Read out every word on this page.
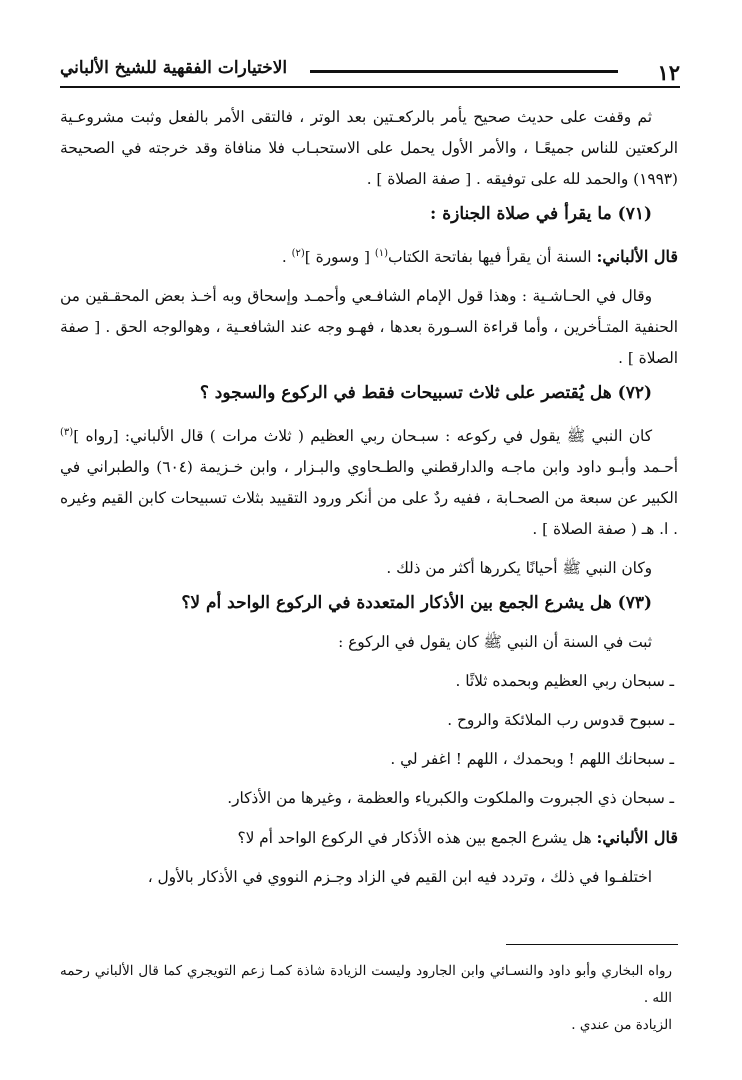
١٢
الاختيارات الفقهية للشيخ الألباني

ثم وقفت على حديث صحيح يأمر بالركعـتين بعد الوتر ، فالتقى الأمر بالفعل وثبت مشروعـية الركعتين للناس جميعًـا ، والأمر الأول يحمل على الاستحبـاب فلا منافاة وقد خرجته في الصحيحة (١٩٩٣) والحمد لله على توفيقه . [ صفة الصلاة ] .

(٧١) ما يقرأ في صلاة الجنازة :

قال الألباني: السنة أن يقرأ فيها بفاتحة الكتاب$^{(١)}$ [ وسورة ]$^{(٢)}$ .

وقال في الحـاشـية : وهذا قول الإمام الشافـعي وأحمـد وإسحاق وبه أخـذ بعض المحقـقين من الحنفية المتـأخرين ، وأما قراءة السـورة بعدها ، فهـو وجه عند الشافعـية ، وهوالوجه الحق . [ صفة الصلاة ] .

(٧٢) هل يُقتصر على ثلاث تسبيحات فقط في الركوع والسجود ؟

كان النبي ﷺ يقول في ركوعه : سبـحان ربي العظيم ( ثلاث مرات ) قال الألباني: [رواه ]$^{(٣)}$ أحـمد وأبـو داود وابن ماجـه والدارقطني والطـحاوي والبـزار ، وابن خـزيمة (٦٠٤) والطبراني في الكبير عن سبعة من الصحـابة ، ففيه ردٌ على من أنكر ورود التقييد بثلاث تسبيحات كابن القيم وغيره . ا. هـ ( صفة الصلاة ] .

وكان النبي ﷺ أحيانًا يكررها أكثر من ذلك .

(٧٣) هل يشرع الجمع بين الأذكار المتعددة في الركوع الواحد أم لا؟

ثبت في السنة أن النبي ﷺ كان يقول في الركوع :

ـ سبحان ربي العظيم وبحمده ثلاثًا .

ـ سبوح قدوس رب الملائكة والروح .

ـ سبحانك اللهم ! وبحمدك ، اللهم ! اغفر لي .

ـ سبحان ذي الجبروت والملكوت والكبرياء والعظمة ، وغيرها من الأذكار.

قال الألباني: هل يشرع الجمع بين هذه الأذكار في الركوع الواحد أم لا؟

اختلفـوا في ذلك ، وتردد فيه ابن القيم في الزاد وجـزم النووي في الأذكار بالأول ،

رواه البخاري وأبو داود والنسـائي وابن الجارود وليست الزيادة شاذة كمـا زعم التويجري كما قال الألباني رحمه الله .

الزيادة من عندي .
